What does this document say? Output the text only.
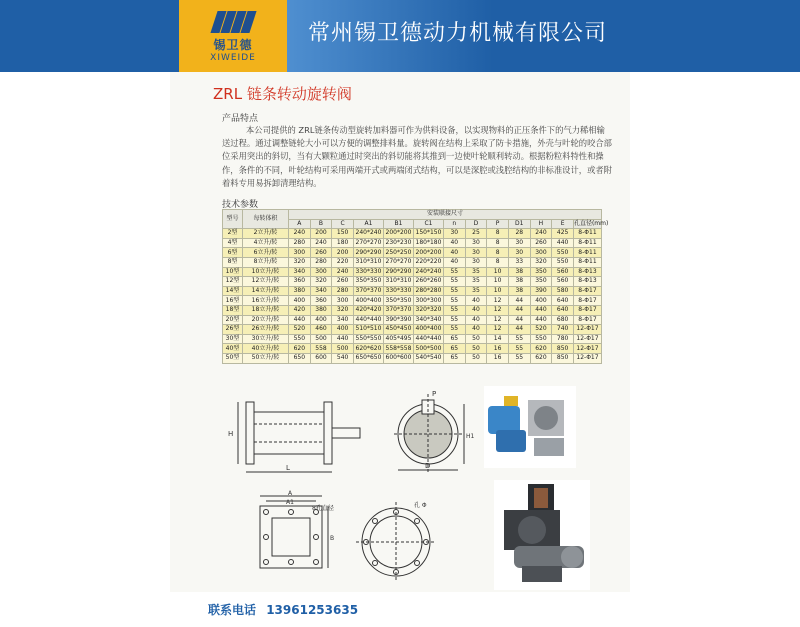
锡卫德
XIWEIDE
常州锡卫德动力机械有限公司
ZRL 链条转动旋转阀
产品特点
本公司提供的 ZRL链条传动型旋转加料器可作为供料设备，以实现物料的正压条件下的气力稀相输送过程。通过调整链轮大小可以方便的调整排料量。旋转阀在结构上采取了防卡措施，外壳与叶轮的咬合部位采用突出的斜切，当有大颗粒通过时突出的斜切能将其推到一边使叶轮顺利转动。根据粉粒料特性和操作，条件的不同，叶轮结构可采用两端开式或两端闭式结构，可以是深腔或浅腔结构的非标准设计，或者附着料专用易拆卸清理结构。
技术参数
型号	每转体积	安装联接尺寸												
		A	B	C	A1	B1	C1	n	D	P	D1	H	E	孔直径(mm)
2型	2立升/转	240	200	150	240*240	200*200	150*150	30	25	8	28	240	425	8-Φ11
4型	4立升/转	280	240	180	270*270	230*230	180*180	40	30	8	30	260	440	8-Φ11
6型	6立升/转	300	260	200	290*290	250*250	200*200	40	30	8	30	300	550	8-Φ11
8型	8立升/转	320	280	220	310*310	270*270	220*220	40	30	8	33	320	550	8-Φ11
10型	10立升/转	340	300	240	330*330	290*290	240*240	55	35	10	38	350	560	8-Φ13
12型	12立升/转	360	320	260	350*350	310*310	260*260	55	35	10	38	350	560	8-Φ13
14型	14立升/转	380	340	280	370*370	330*330	280*280	55	35	10	38	390	580	8-Φ17
16型	16立升/转	400	360	300	400*400	350*350	300*300	55	40	12	44	400	640	8-Φ17
18型	18立升/转	420	380	320	420*420	370*370	320*320	55	40	12	44	440	640	8-Φ17
20型	20立升/转	440	400	340	440*440	390*390	340*340	55	40	12	44	440	680	8-Φ17
26型	26立升/转	520	460	400	510*510	450*450	400*400	55	40	12	44	520	740	12-Φ17
30型	30立升/转	550	500	440	550*550	405*495	440*440	65	50	14	55	550	780	12-Φ17
40型	40立升/转	620	558	500	620*620	558*558	500*500	65	50	16	55	620	850	12-Φ17
50型	50立升/转	650	600	540	650*650	600*600	540*540	65	50	16	55	620	850	12-Φ17
H
L
P
D
H1
A
A1
B
8孔直径	孔 Φ
联系电话 13961253635
